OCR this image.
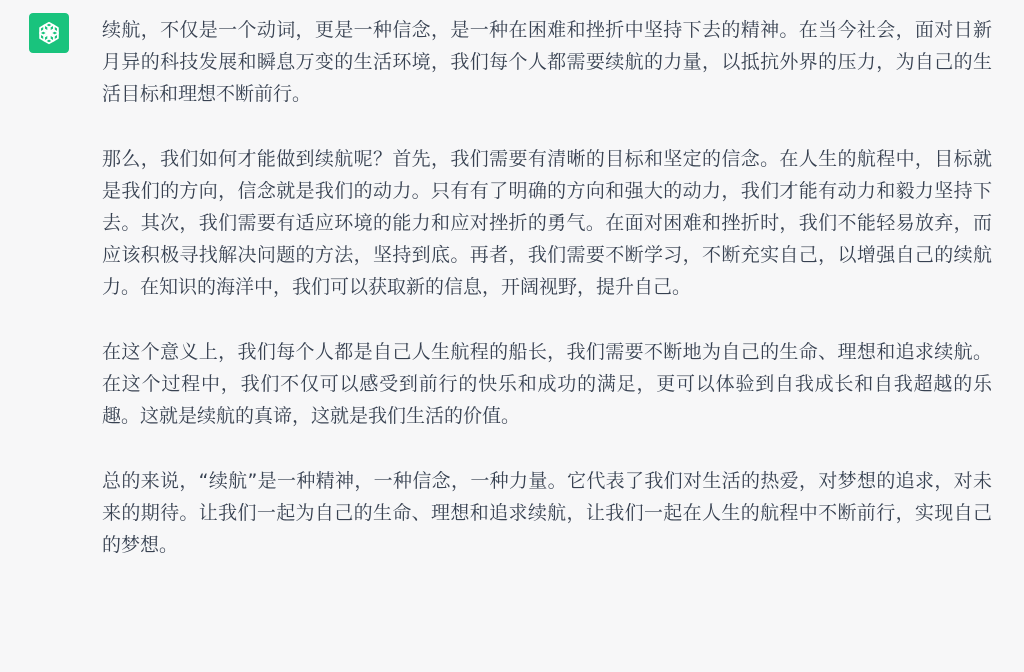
续航，不仅是一个动词，更是一种信念，是一种在困难和挫折中坚持下去的精神。在当今社会，面对日新月异的科技发展和瞬息万变的生活环境，我们每个人都需要续航的力量，以抵抗外界的压力，为自己的生活目标和理想不断前行。

那么，我们如何才能做到续航呢？首先，我们需要有清晰的目标和坚定的信念。在人生的航程中，目标就是我们的方向，信念就是我们的动力。只有有了明确的方向和强大的动力，我们才能有动力和毅力坚持下去。其次，我们需要有适应环境的能力和应对挫折的勇气。在面对困难和挫折时，我们不能轻易放弃，而应该积极寻找解决问题的方法，坚持到底。再者，我们需要不断学习，不断充实自己，以增强自己的续航力。在知识的海洋中，我们可以获取新的信息，开阔视野，提升自己。

在这个意义上，我们每个人都是自己人生航程的船长，我们需要不断地为自己的生命、理想和追求续航。在这个过程中，我们不仅可以感受到前行的快乐和成功的满足，更可以体验到自我成长和自我超越的乐趣。这就是续航的真谛，这就是我们生活的价值。

总的来说，“续航”是一种精神，一种信念，一种力量。它代表了我们对生活的热爱，对梦想的追求，对未来的期待。让我们一起为自己的生命、理想和追求续航，让我们一起在人生的航程中不断前行，实现自己的梦想。
